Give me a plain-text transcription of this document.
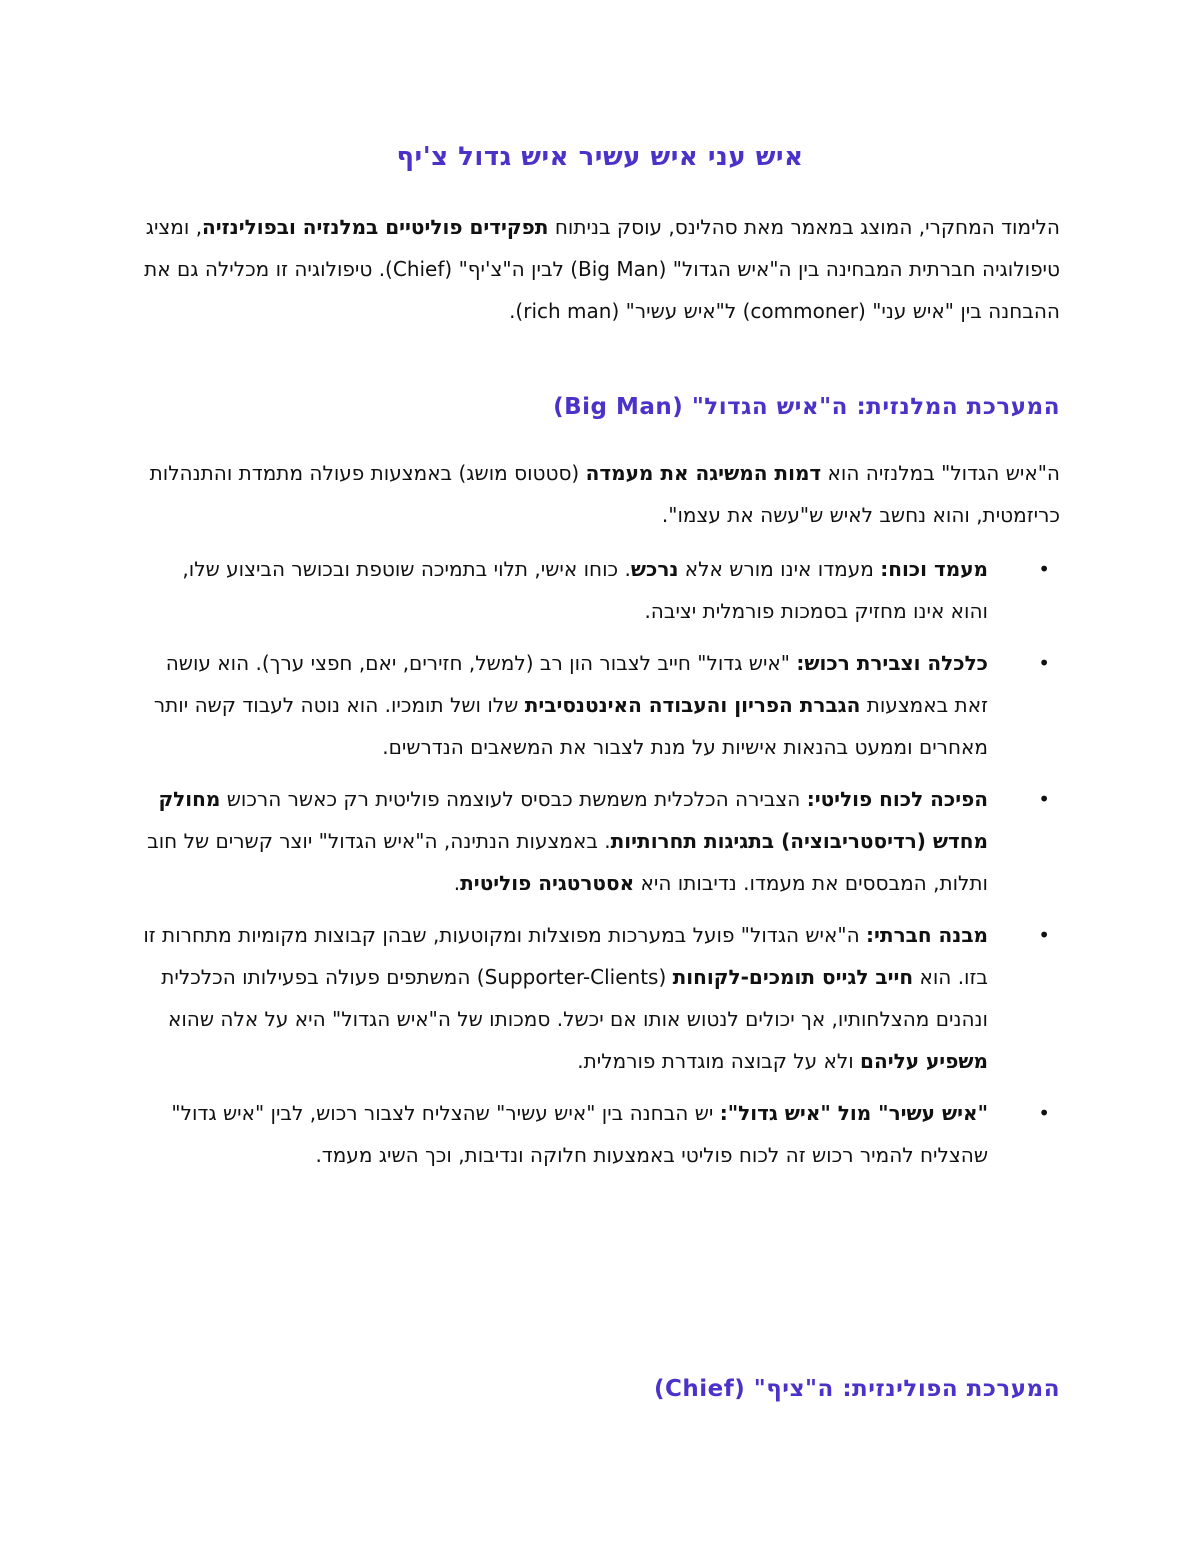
איש עני איש עשיר איש גדול צ'יף

הלימוד המחקרי, המוצג במאמר מאת סהלינס, עוסק בניתוח תפקידים פוליטיים במלנזיה ובפולינזיה, ומציג טיפולוגיה חברתית המבחינה בין ה"איש הגדול" (Big Man) לבין ה"צ'יף" (Chief). טיפולוגיה זו מכלילה גם את ההבחנה בין "איש עני" (commoner) ל"איש עשיר" (rich man).

המערכת המלנזית: ה"איש הגדול" (Big Man)

ה"איש הגדול" במלנזיה הוא דמות המשיגה את מעמדה (סטטוס מושג) באמצעות פעולה מתמדת והתנהלות כריזמטית, והוא נחשב לאיש ש"עשה את עצמו".

•
מעמד וכוח: מעמדו אינו מורש אלא נרכש. כוחו אישי, תלוי בתמיכה שוטפת ובכושר הביצוע שלו, והוא אינו מחזיק בסמכות פורמלית יציבה.
•
כלכלה וצבירת רכוש: "איש גדול" חייב לצבור הון רב (למשל, חזירים, יאם, חפצי ערך). הוא עושה זאת באמצעות הגברת הפריון והעבודה האינטנסיבית שלו ושל תומכיו. הוא נוטה לעבוד קשה יותר מאחרים וממעט בהנאות אישיות על מנת לצבור את המשאבים הנדרשים.
•
הפיכה לכוח פוליטי: הצבירה הכלכלית משמשת כבסיס לעוצמה פוליטית רק כאשר הרכוש מחולק מחדש (רדיסטריבוציה) בתגיגות תחרותיות. באמצעות הנתינה, ה"איש הגדול" יוצר קשרים של חוב ותלות, המבססים את מעמדו. נדיבותו היא אסטרטגיה פוליטית.
•
מבנה חברתי: ה"איש הגדול" פועל במערכות מפוצלות ומקוטעות, שבהן קבוצות מקומיות מתחרות זו בזו. הוא חייב לגייס תומכים-לקוחות (Supporter-Clients) המשתפים פעולה בפעילותו הכלכלית ונהנים מהצלחותיו, אך יכולים לנטוש אותו אם יכשל. סמכותו של ה"איש הגדול" היא על אלה שהוא משפיע עליהם ולא על קבוצה מוגדרת פורמלית.
•
"איש עשיר" מול "איש גדול": יש הבחנה בין "איש עשיר" שהצליח לצבור רכוש, לבין "איש גדול" שהצליח להמיר רכוש זה לכוח פוליטי באמצעות חלוקה ונדיבות, וכך השיג מעמד.
המערכת הפולינזית: ה"ציף" (Chief)
